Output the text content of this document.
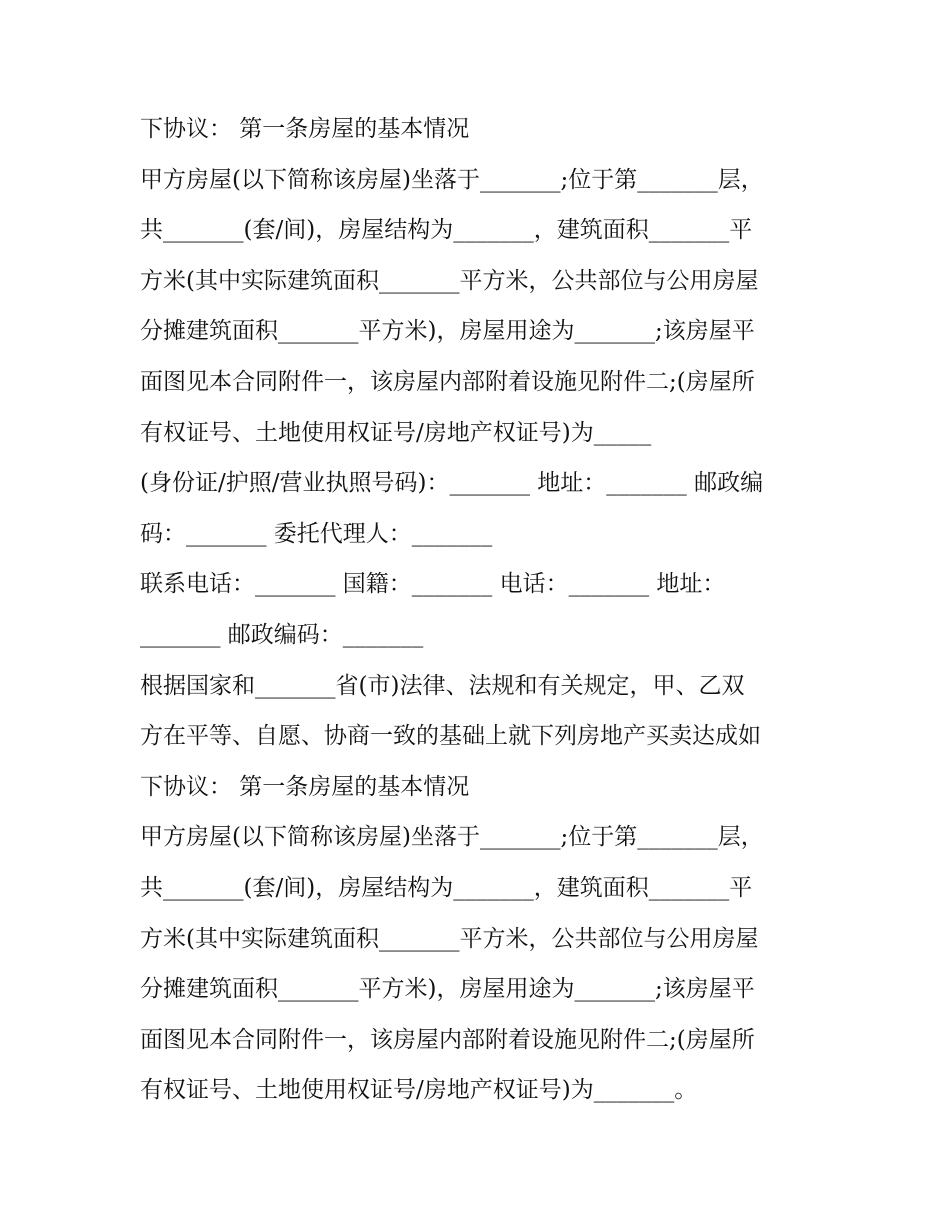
下协议： 第一条房屋的基本情况
甲方房屋(以下简称该房屋)坐落于_______;位于第_______层，
共_______(套/间)，房屋结构为_______，建筑面积_______平
方米(其中实际建筑面积_______平方米，公共部位与公用房屋
分摊建筑面积_______平方米)，房屋用途为_______;该房屋平
面图见本合同附件一，该房屋内部附着设施见附件二;(房屋所
有权证号、土地使用权证号/房地产权证号)为_____
(身份证/护照/营业执照号码)：_______ 地址：_______ 邮政编
码：_______ 委托代理人：_______
联系电话：_______ 国籍：_______ 电话：_______ 地址：
_______ 邮政编码：_______
根据国家和_______省(市)法律、法规和有关规定，甲、乙双
方在平等、自愿、协商一致的基础上就下列房地产买卖达成如
下协议： 第一条房屋的基本情况
甲方房屋(以下简称该房屋)坐落于_______;位于第_______层，
共_______(套/间)，房屋结构为_______，建筑面积_______平
方米(其中实际建筑面积_______平方米，公共部位与公用房屋
分摊建筑面积_______平方米)，房屋用途为_______;该房屋平
面图见本合同附件一，该房屋内部附着设施见附件二;(房屋所
有权证号、土地使用权证号/房地产权证号)为_______。
